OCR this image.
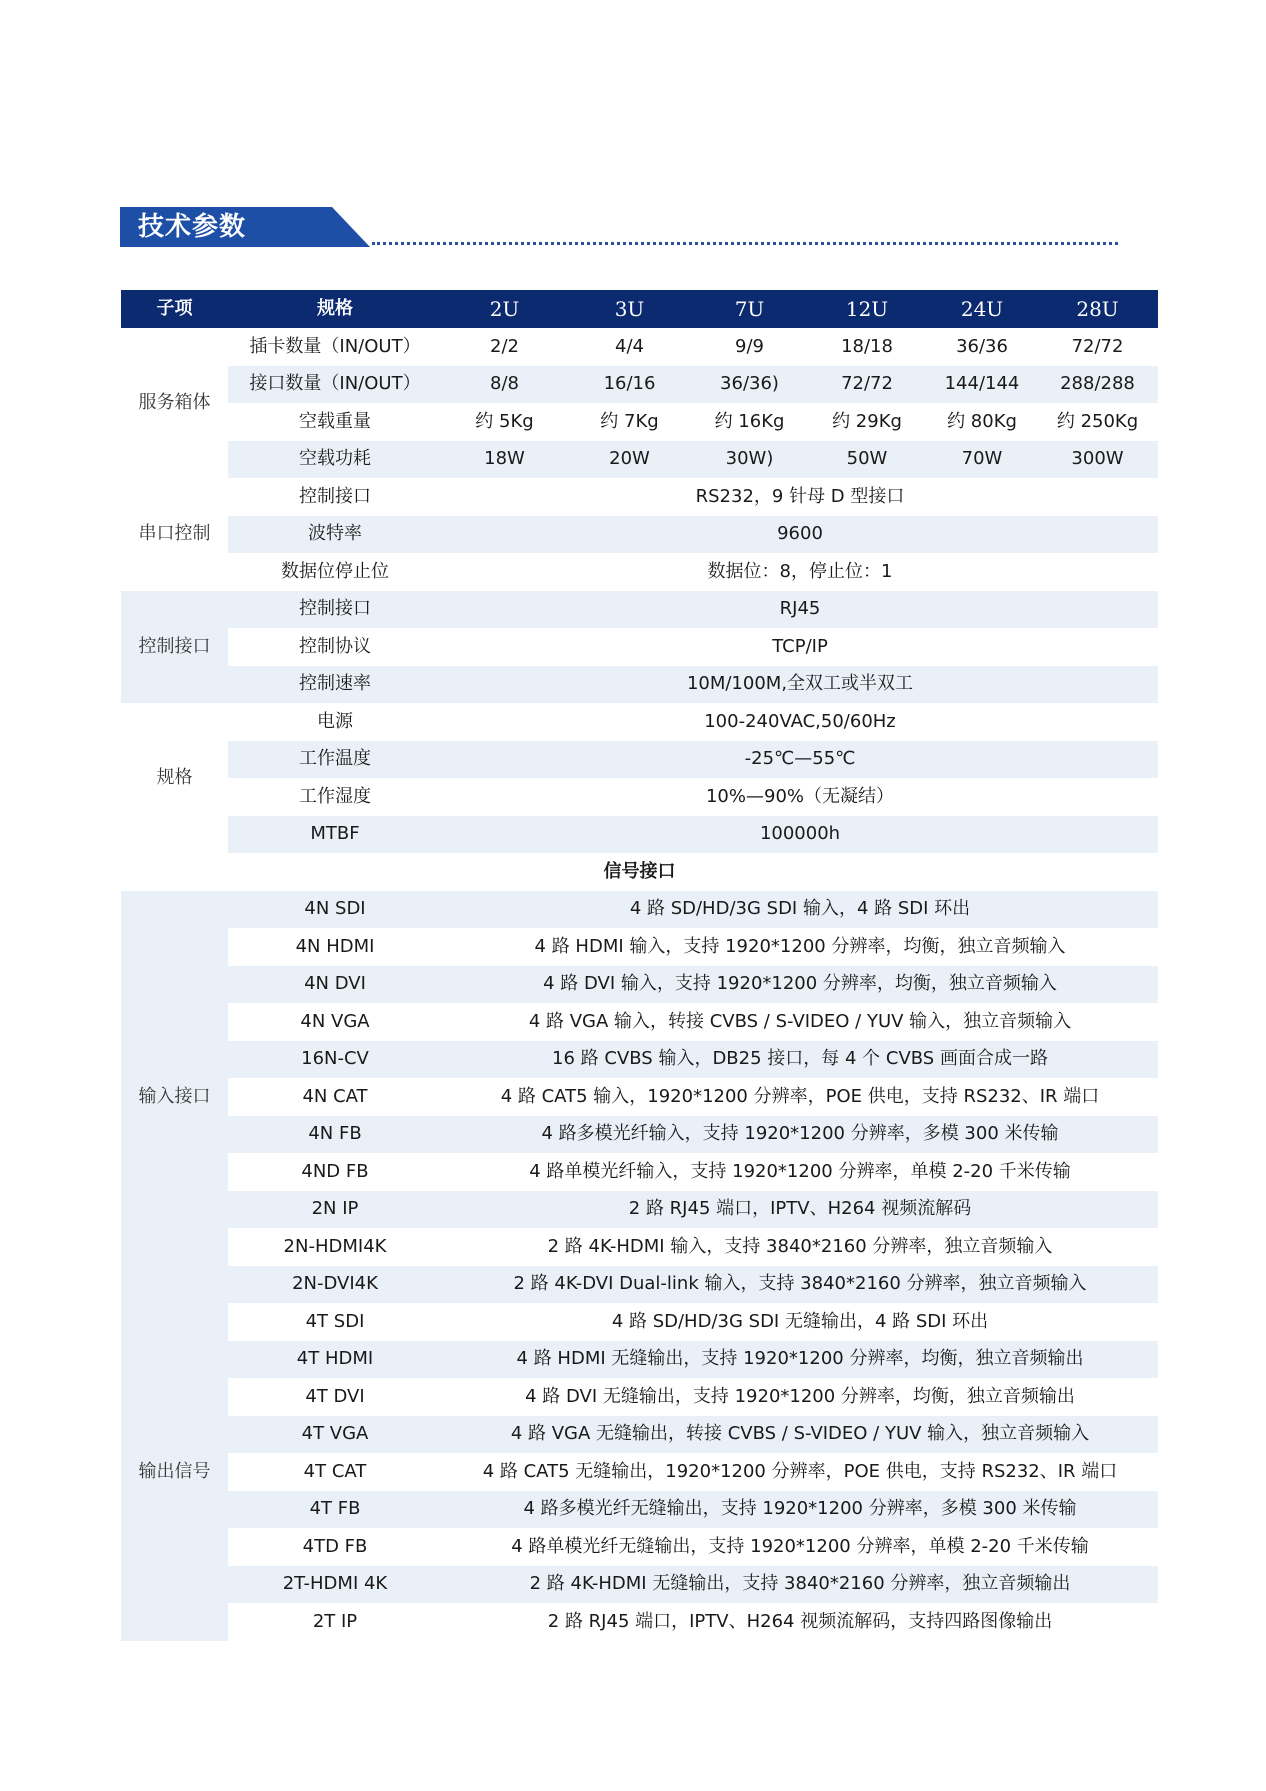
技术参数
子项	规格	2U	3U	7U	12U	24U	28U
服务箱体	插卡数量（IN/OUT）	2/2	4/4	9/9	18/18	36/36	72/72
	接口数量（IN/OUT）	8/8	16/16	36/36)	72/72	144/144	288/288
	空载重量	约 5Kg	约 7Kg	约 16Kg	约 29Kg	约 80Kg	约 250Kg
	空载功耗	18W	20W	30W)	50W	70W	300W
串口控制	控制接口	RS232，9 针母 D 型接口					
	波特率	9600					
	数据位停止位	数据位：8，停止位：1					
控制接口	控制接口	RJ45					
	控制协议	TCP/IP					
	控制速率	10M/100M,全双工或半双工					
规格	电源	100-240VAC,50/60Hz					
	工作温度	-25℃—55℃					
	工作湿度	10%—90%（无凝结）					
	MTBF	100000h					
信号接口							
输入接口	4N SDI	4 路 SD/HD/3G SDI 输入，4 路 SDI 环出					
	4N HDMI	4 路 HDMI 输入，支持 1920*1200 分辨率，均衡，独立音频输入					
	4N DVI	4 路 DVI 输入，支持 1920*1200 分辨率，均衡，独立音频输入					
	4N VGA	4 路 VGA 输入，转接 CVBS / S-VIDEO / YUV 输入，独立音频输入					
	16N-CV	16 路 CVBS 输入，DB25 接口，每 4 个 CVBS 画面合成一路					
	4N CAT	4 路 CAT5 输入，1920*1200 分辨率，POE 供电，支持 RS232、IR 端口					
	4N FB	4 路多模光纤输入，支持 1920*1200 分辨率，多模 300 米传输					
	4ND FB	4 路单模光纤输入，支持 1920*1200 分辨率，单模 2-20 千米传输					
	2N IP	2 路 RJ45 端口，IPTV、H264 视频流解码					
	2N-HDMI4K	2 路 4K-HDMI 输入，支持 3840*2160 分辨率，独立音频输入					
	2N-DVI4K	2 路 4K-DVI Dual-link 输入，支持 3840*2160 分辨率，独立音频输入					
输出信号	4T SDI	4 路 SD/HD/3G SDI 无缝输出，4 路 SDI 环出					
	4T HDMI	4 路 HDMI 无缝输出，支持 1920*1200 分辨率，均衡，独立音频输出					
	4T DVI	4 路 DVI 无缝输出，支持 1920*1200 分辨率，均衡，独立音频输出					
	4T VGA	4 路 VGA 无缝输出，转接 CVBS / S-VIDEO / YUV 输入，独立音频输入					
	4T CAT	4 路 CAT5 无缝输出，1920*1200 分辨率，POE 供电，支持 RS232、IR 端口					
	4T FB	4 路多模光纤无缝输出，支持 1920*1200 分辨率，多模 300 米传输					
	4TD FB	4 路单模光纤无缝输出，支持 1920*1200 分辨率，单模 2-20 千米传输					
	2T-HDMI 4K	2 路 4K-HDMI 无缝输出，支持 3840*2160 分辨率，独立音频输出					
	2T IP	2 路 RJ45 端口，IPTV、H264 视频流解码，支持四路图像输出					
